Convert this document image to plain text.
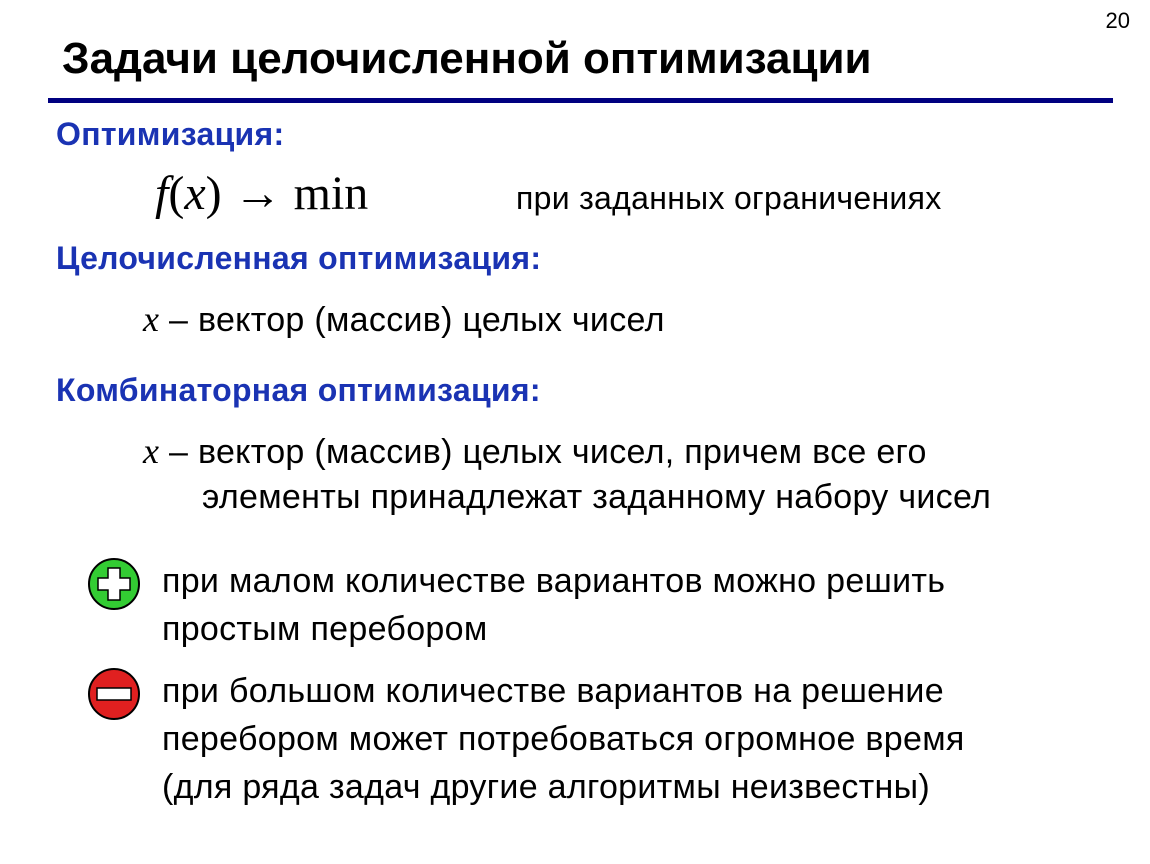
20
Задачи целочисленной оптимизации
Оптимизация:
f(x) → min	при заданных ограничениях
Целочисленная оптимизация:
x – вектор (массив) целых чисел
Комбинаторная оптимизация:
x – вектор (массив) целых чисел, причем все его
элементы принадлежат заданному набору чисел
при малом количестве вариантов можно решить
простым перебором
при большом количестве вариантов на решение
перебором может потребоваться огромное время
(для ряда задач другие алгоритмы неизвестны)
